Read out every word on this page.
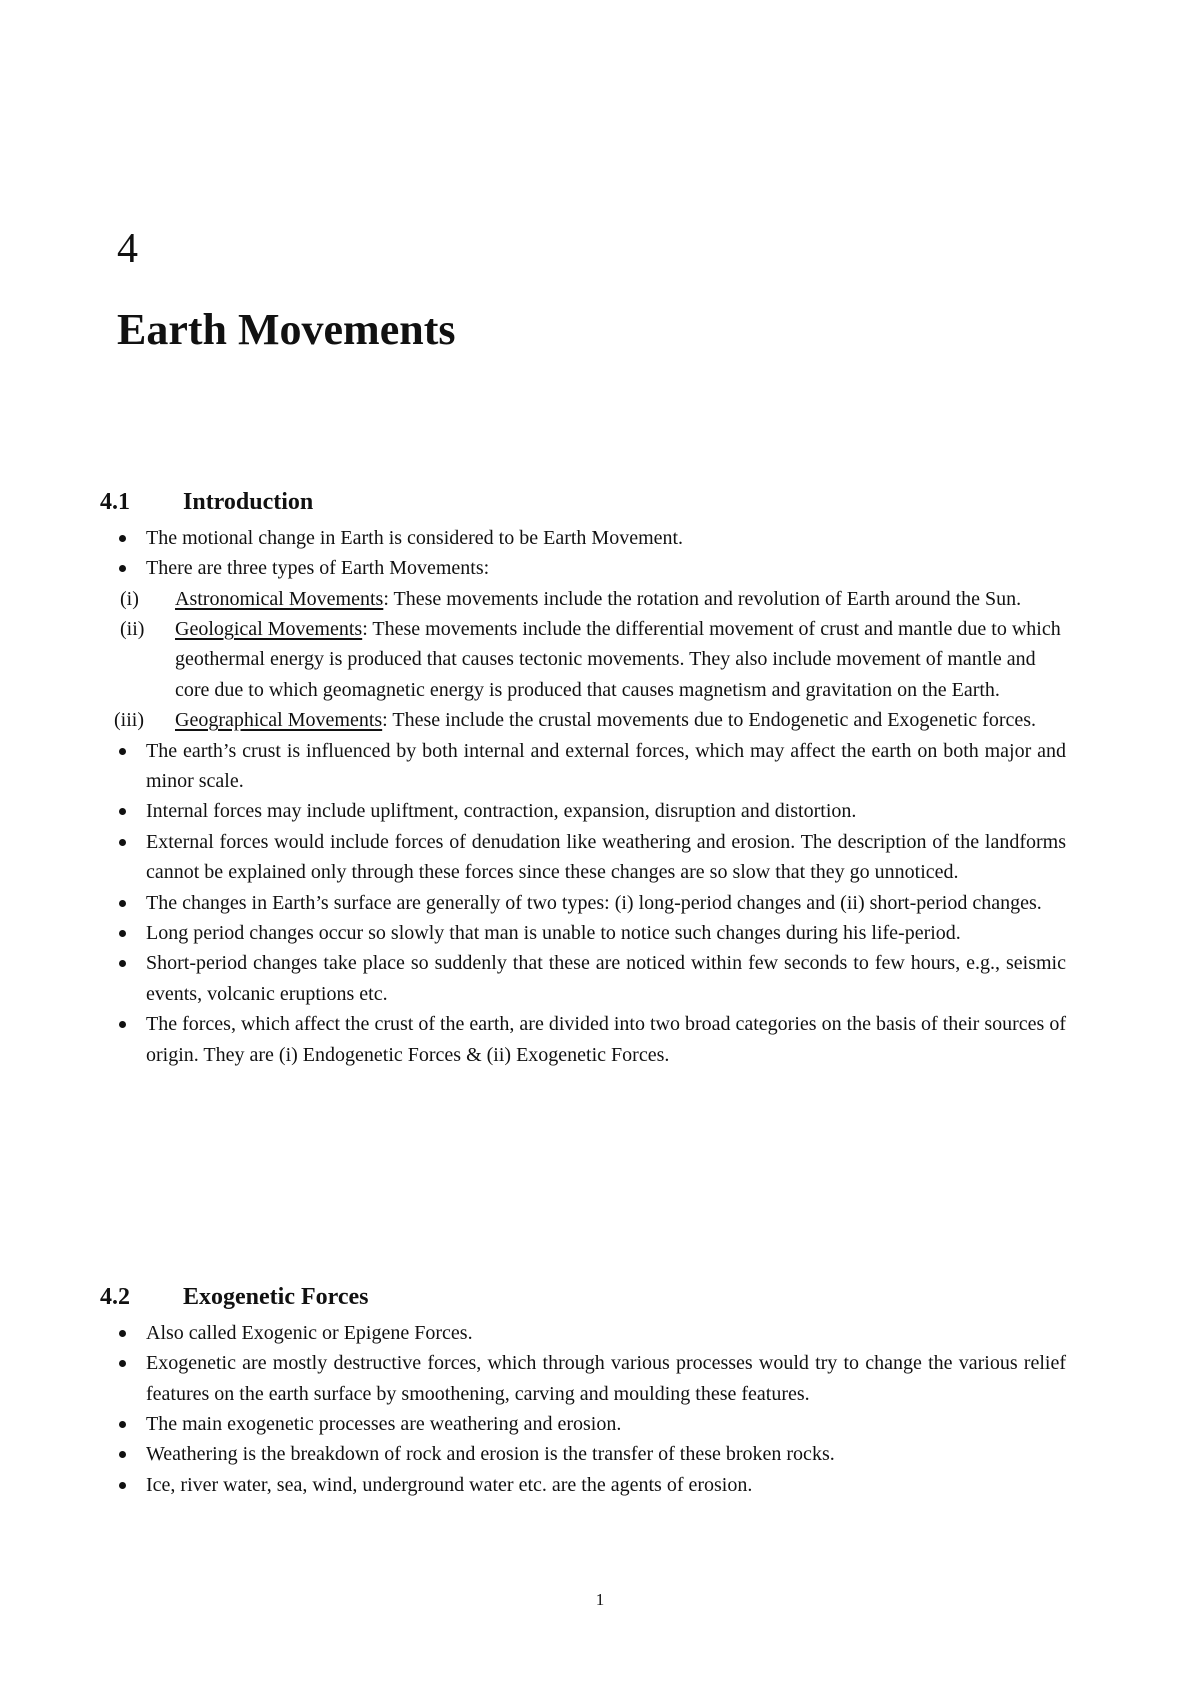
4
Earth Movements
4.1	Introduction
The motional change in Earth is considered to be Earth Movement.
There are three types of Earth Movements:
(i) Astronomical Movements: These movements include the rotation and revolution of Earth around the Sun.
(ii) Geological Movements: These movements include the differential movement of crust and mantle due to which geothermal energy is produced that causes tectonic movements. They also include movement of mantle and core due to which geomagnetic energy is produced that causes magnetism and gravitation on the Earth.
(iii) Geographical Movements: These include the crustal movements due to Endogenetic and Exogenetic forces.
The earth’s crust is influenced by both internal and external forces, which may affect the earth on both major and minor scale.
Internal forces may include upliftment, contraction, expansion, disruption and distortion.
External forces would include forces of denudation like weathering and erosion. The description of the landforms cannot be explained only through these forces since these changes are so slow that they go unnoticed.
The changes in Earth’s surface are generally of two types: (i) long-period changes and (ii) short-period changes.
Long period changes occur so slowly that man is unable to notice such changes during his life-period.
Short-period changes take place so suddenly that these are noticed within few seconds to few hours, e.g., seismic events, volcanic eruptions etc.
The forces, which affect the crust of the earth, are divided into two broad categories on the basis of their sources of origin. They are (i) Endogenetic Forces & (ii) Exogenetic Forces.
4.2	Exogenetic Forces
Also called Exogenic or Epigene Forces.
Exogenetic are mostly destructive forces, which through various processes would try to change the various relief features on the earth surface by smoothening, carving and moulding these features.
The main exogenetic processes are weathering and erosion.
Weathering is the breakdown of rock and erosion is the transfer of these broken rocks.
Ice, river water, sea, wind, underground water etc. are the agents of erosion.

1
